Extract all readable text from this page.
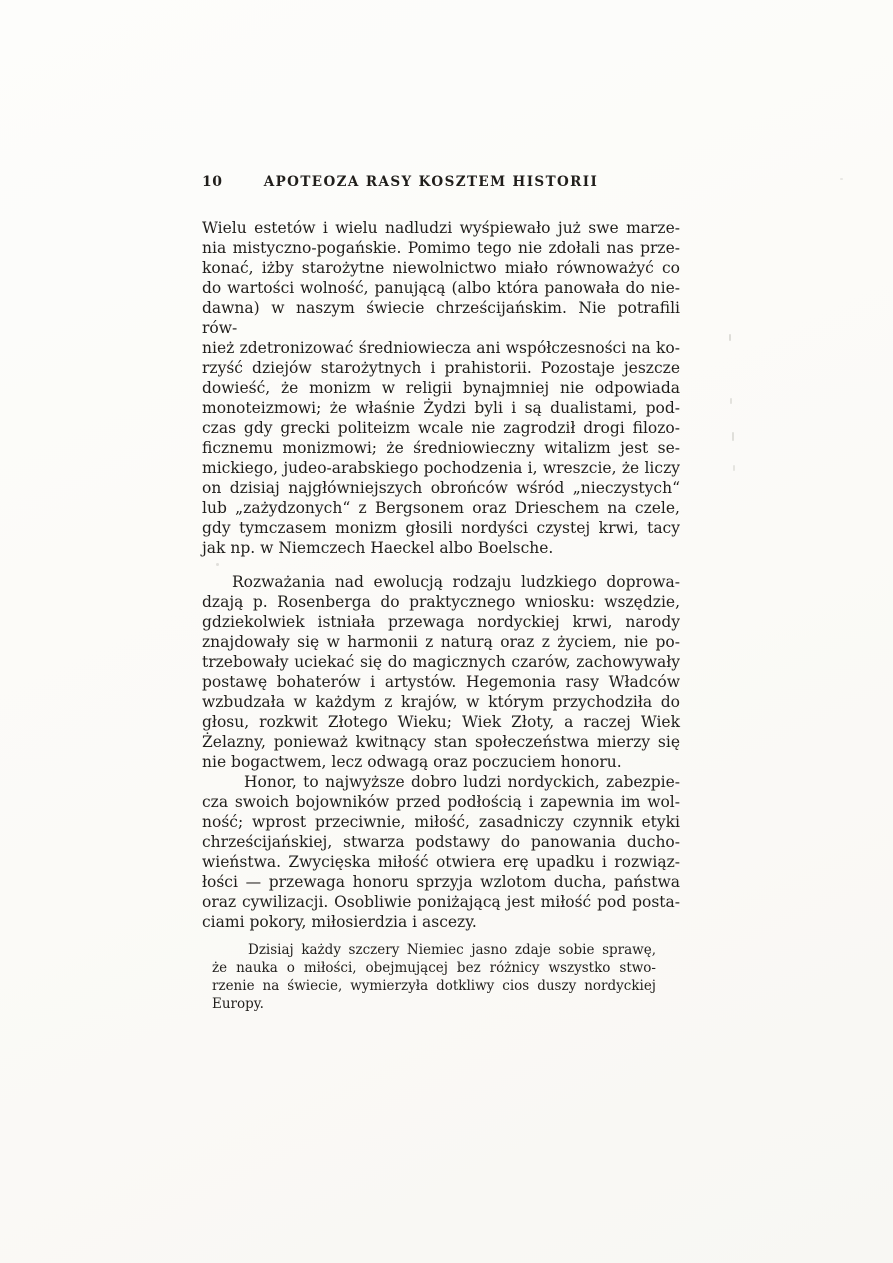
10	APOTEOZA RASY KOSZTEM HISTORII
Wielu estetów i wielu nadludzi wyśpiewało już swe marze-
nia mistyczno-pogańskie. Pomimo tego nie zdołali nas prze-
konać, iżby starożytne niewolnictwo miało równoważyć co
do wartości wolność, panującą (albo która panowała do nie-
dawna) w naszym świecie chrześcijańskim. Nie potrafili rów-
nież zdetronizować średniowiecza ani współczesności na ko-
rzyść dziejów starożytnych i prahistorii. Pozostaje jeszcze
dowieść, że monizm w religii bynajmniej nie odpowiada
monoteizmowi; że właśnie Żydzi byli i są dualistami, pod-
czas gdy grecki politeizm wcale nie zagrodził drogi filozo-
ficznemu monizmowi; że średniowieczny witalizm jest se-
mickiego, judeo-arabskiego pochodzenia i, wreszcie, że liczy
on dzisiaj najgłówniejszych obrońców wśród „nieczystych“
lub „zażydzonych“ z Bergsonem oraz Drieschem na czele,
gdy tymczasem monizm głosili nordyści czystej krwi, tacy
jak np. w Niemczech Haeckel albo Boelsche.
Rozważania nad ewolucją rodzaju ludzkiego doprowa-
dzają p. Rosenberga do praktycznego wniosku: wszędzie,
gdziekolwiek istniała przewaga nordyckiej krwi, narody
znajdowały się w harmonii z naturą oraz z życiem, nie po-
trzebowały uciekać się do magicznych czarów, zachowywały
postawę bohaterów i artystów. Hegemonia rasy Władców
wzbudzała w każdym z krajów, w którym przychodziła do
głosu, rozkwit Złotego Wieku; Wiek Złoty, a raczej Wiek
Żelazny, ponieważ kwitnący stan społeczeństwa mierzy się
nie bogactwem, lecz odwagą oraz poczuciem honoru.
Honor, to najwyższe dobro ludzi nordyckich, zabezpie-
cza swoich bojowników przed podłością i zapewnia im wol-
ność; wprost przeciwnie, miłość, zasadniczy czynnik etyki
chrześcijańskiej, stwarza podstawy do panowania ducho-
wieństwa. Zwycięska miłość otwiera erę upadku i rozwiąz-
łości — przewaga honoru sprzyja wzlotom ducha, państwa
oraz cywilizacji. Osobliwie poniżającą jest miłość pod posta-
ciami pokory, miłosierdzia i ascezy.
Dzisiaj każdy szczery Niemiec jasno zdaje sobie sprawę,
że nauka o miłości, obejmującej bez różnicy wszystko stwo-
rzenie na świecie, wymierzyła dotkliwy cios duszy nordyckiej
Europy.
